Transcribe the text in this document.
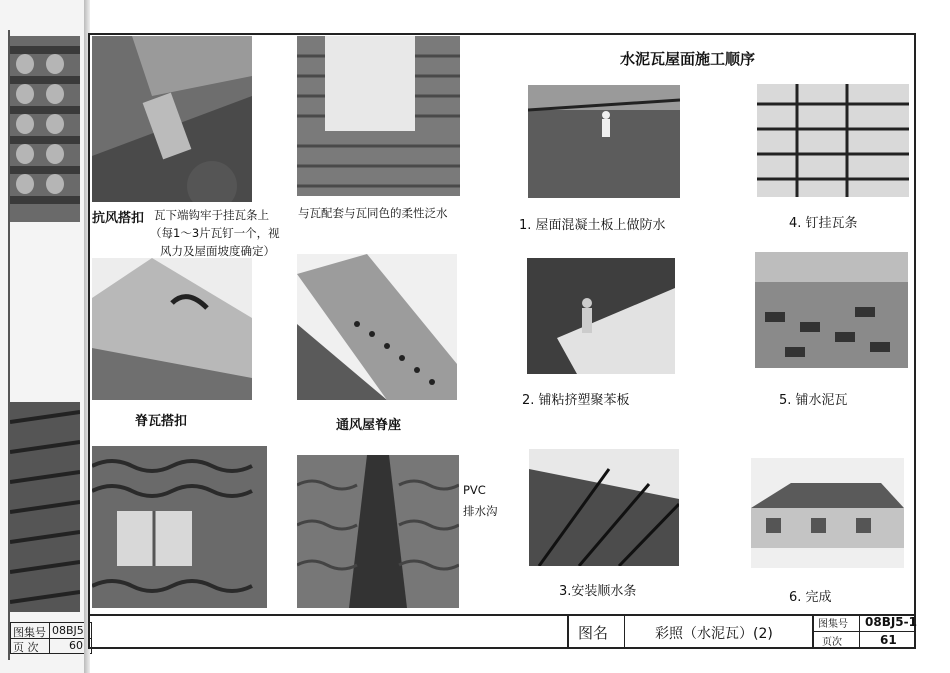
图集号 08BJ5
页 次	60
水泥瓦屋面施工顺序
抗风搭扣 瓦下端钩牢于挂瓦条上
（每1～3片瓦钉一个，视
风力及屋面坡度确定）
与瓦配套与瓦同色的柔性泛水
脊瓦搭扣	通风屋脊座
PVC
排水沟
1. 屋面混凝土板上做防水
2. 铺粘挤塑聚苯板
3.安装顺水条
4. 钉挂瓦条
5. 铺水泥瓦
6. 完成
图名	彩照（水泥瓦）(2)
图集号 08BJ5-1
页次	61
